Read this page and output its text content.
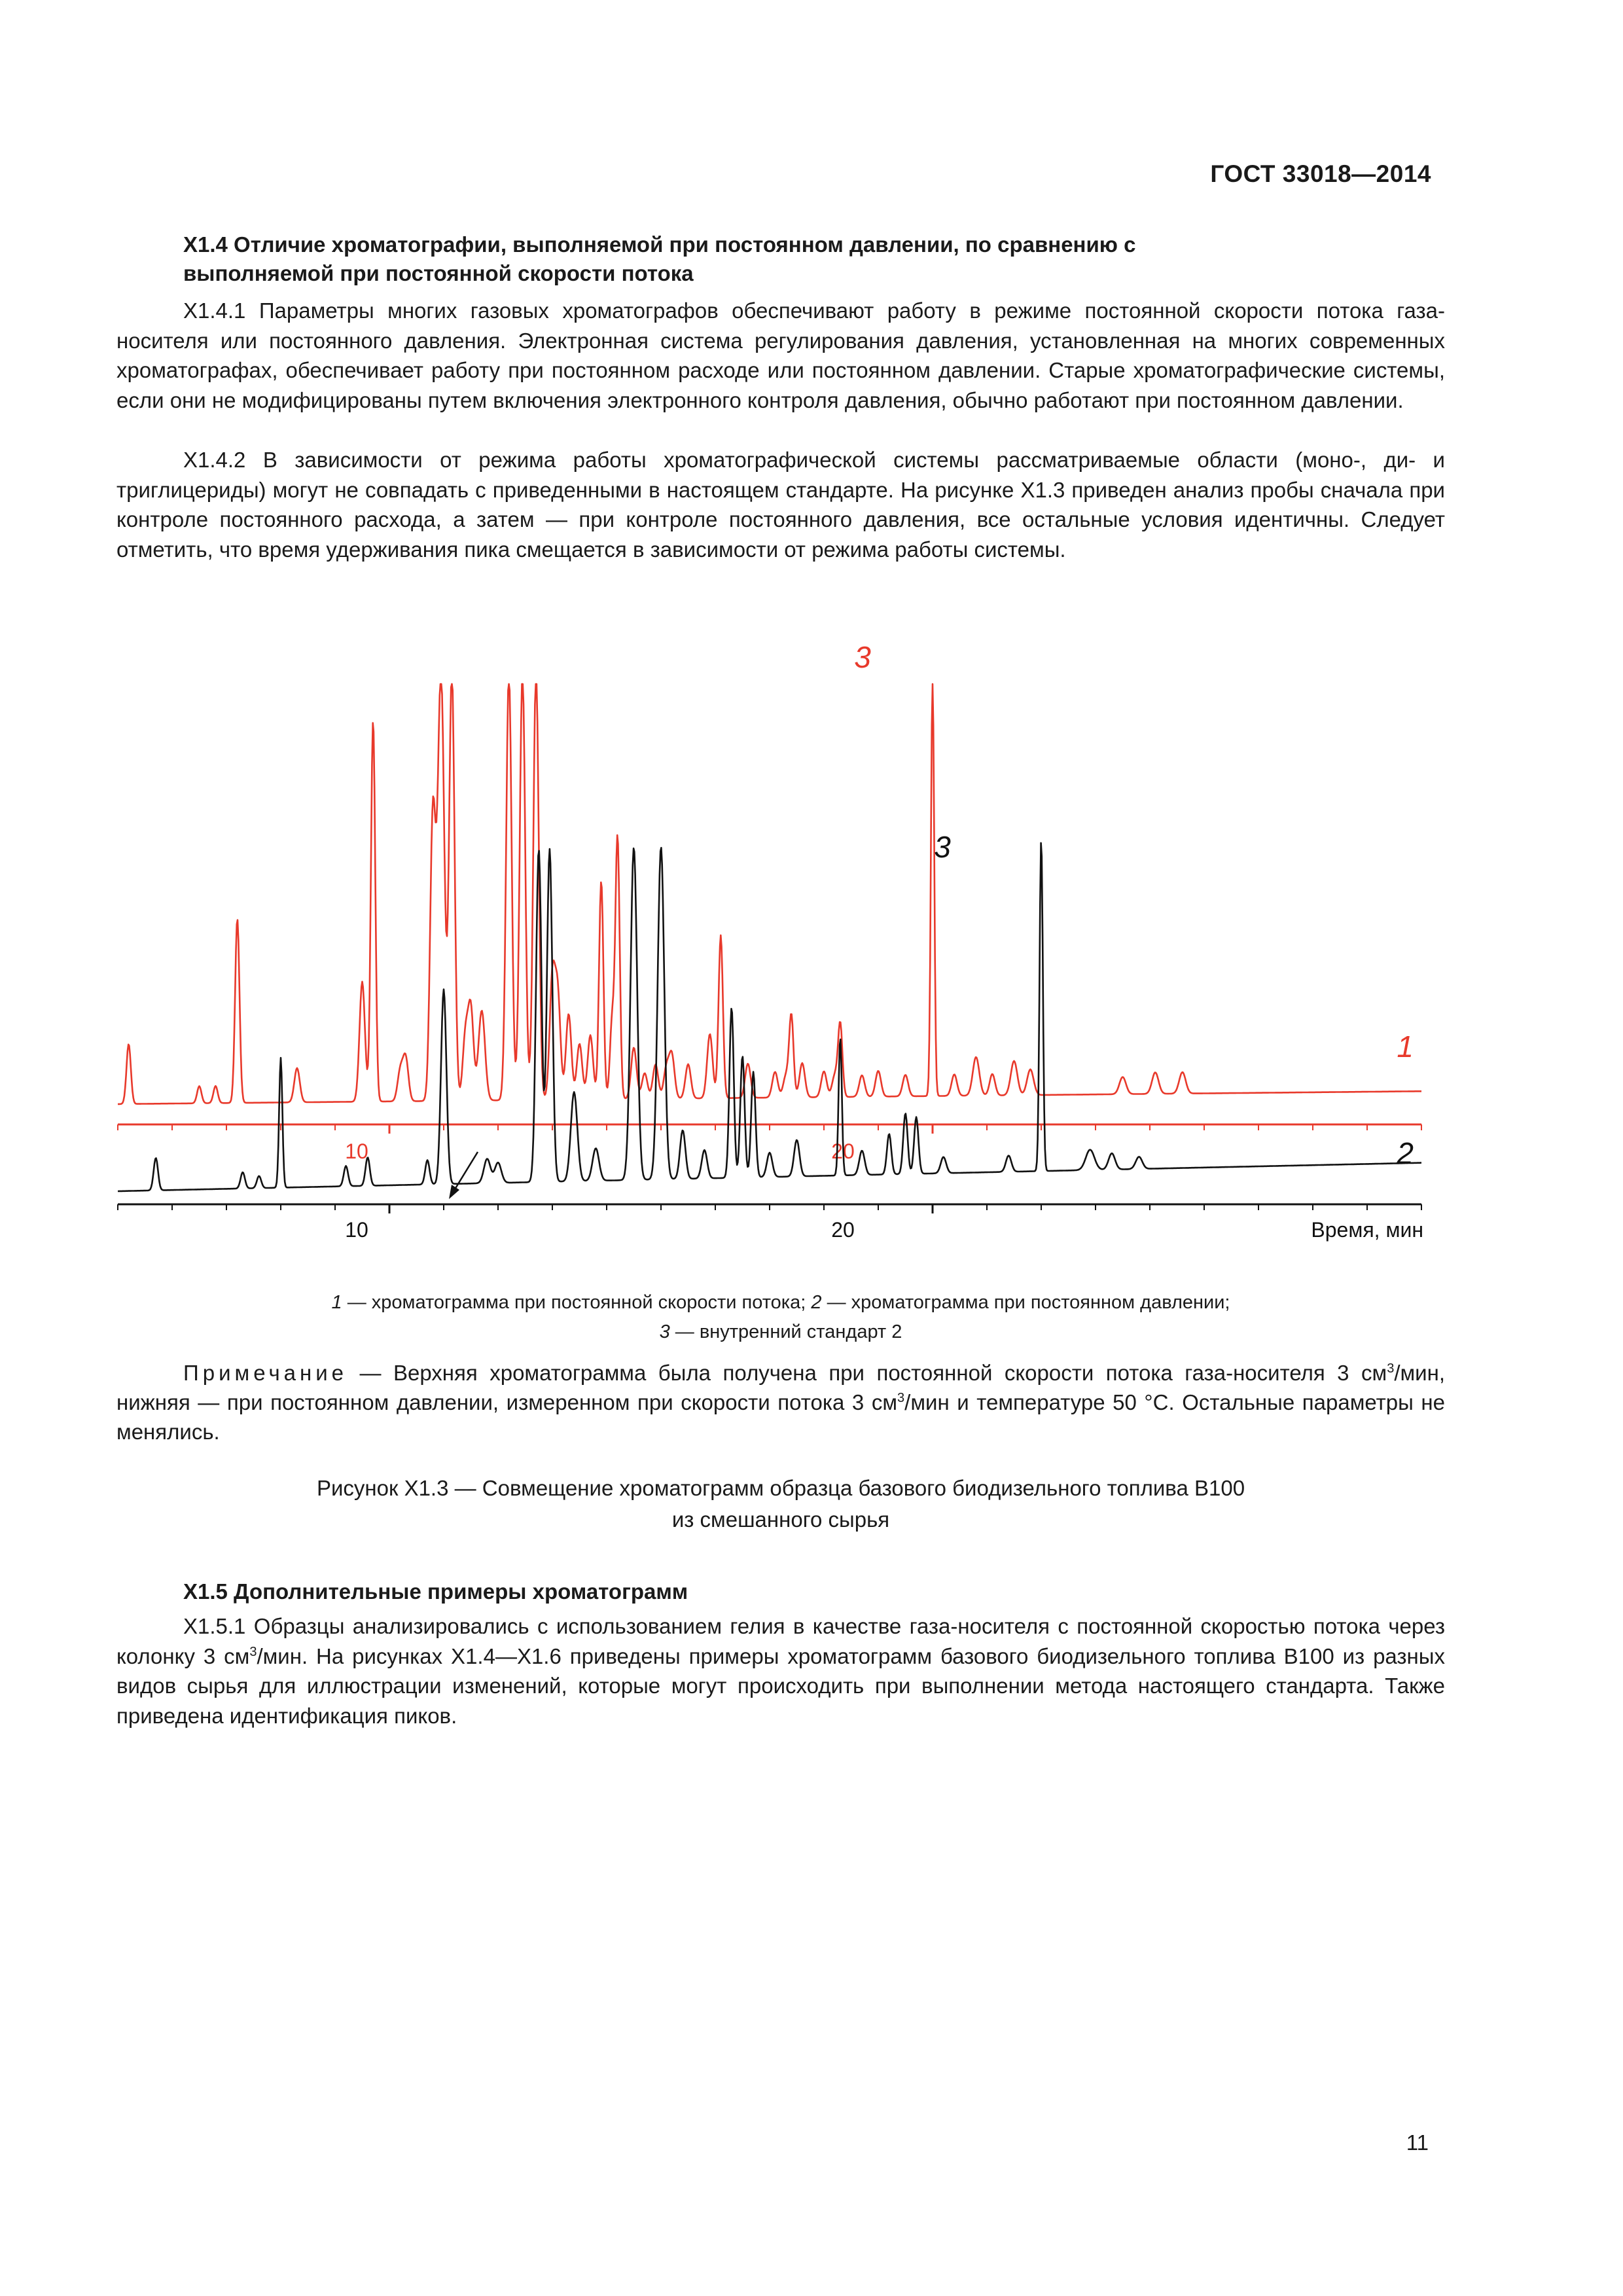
ГОСТ 33018—2014
Х1.4 Отличие хроматографии, выполняемой при постоянном давлении, по сравнению с
выполняемой при постоянной скорости потока
Х1.4.1 Параметры многих газовых хроматографов обеспечивают работу в режиме постоянной скорости потока газа-носителя или постоянного давления. Электронная система регулирования давления, установленная на многих современных хроматографах, обеспечивает работу при постоянном расходе или постоянном давлении. Старые хроматографические системы, если они не модифицированы путем включения электронного контроля давления, обычно работают при постоянном давлении.
Х1.4.2 В зависимости от режима работы хроматографической системы рассматриваемые области (моно-, ди- и триглицериды) могут не совпадать с приведенными в настоящем стандарте. На рисунке Х1.3 приведен анализ пробы сначала при контроле постоянного расхода, а затем — при контроле постоянного давления, все остальные условия идентичны. Следует отметить, что время удерживания пика смещается в зависимости от режима работы системы.
10	20
10	20	Время, мин
3
3
1
2
1 — хроматограмма при постоянной скорости потока; 2 — хроматограмма при постоянном давлении;
3 — внутренний стандарт 2
Примечание — Верхняя хроматограмма была получена при постоянной скорости потока газа-носителя 3 $см^3$/мин, нижняя — при постоянном давлении, измеренном при скорости потока 3 $см^3$/мин и температуре 50 °С. Остальные параметры не менялись.
Рисунок Х1.3 — Совмещение хроматограмм образца базового биодизельного топлива В100
из смешанного сырья
Х1.5 Дополнительные примеры хроматограмм
Х1.5.1 Образцы анализировались с использованием гелия в качестве газа-носителя с постоянной скоростью потока через колонку 3 $см^3$/мин. На рисунках Х1.4—Х1.6 приведены примеры хроматограмм базового биодизельного топлива В100 из разных видов сырья для иллюстрации изменений, которые могут происходить при выполнении метода настоящего стандарта. Также приведена идентификация пиков.
11
